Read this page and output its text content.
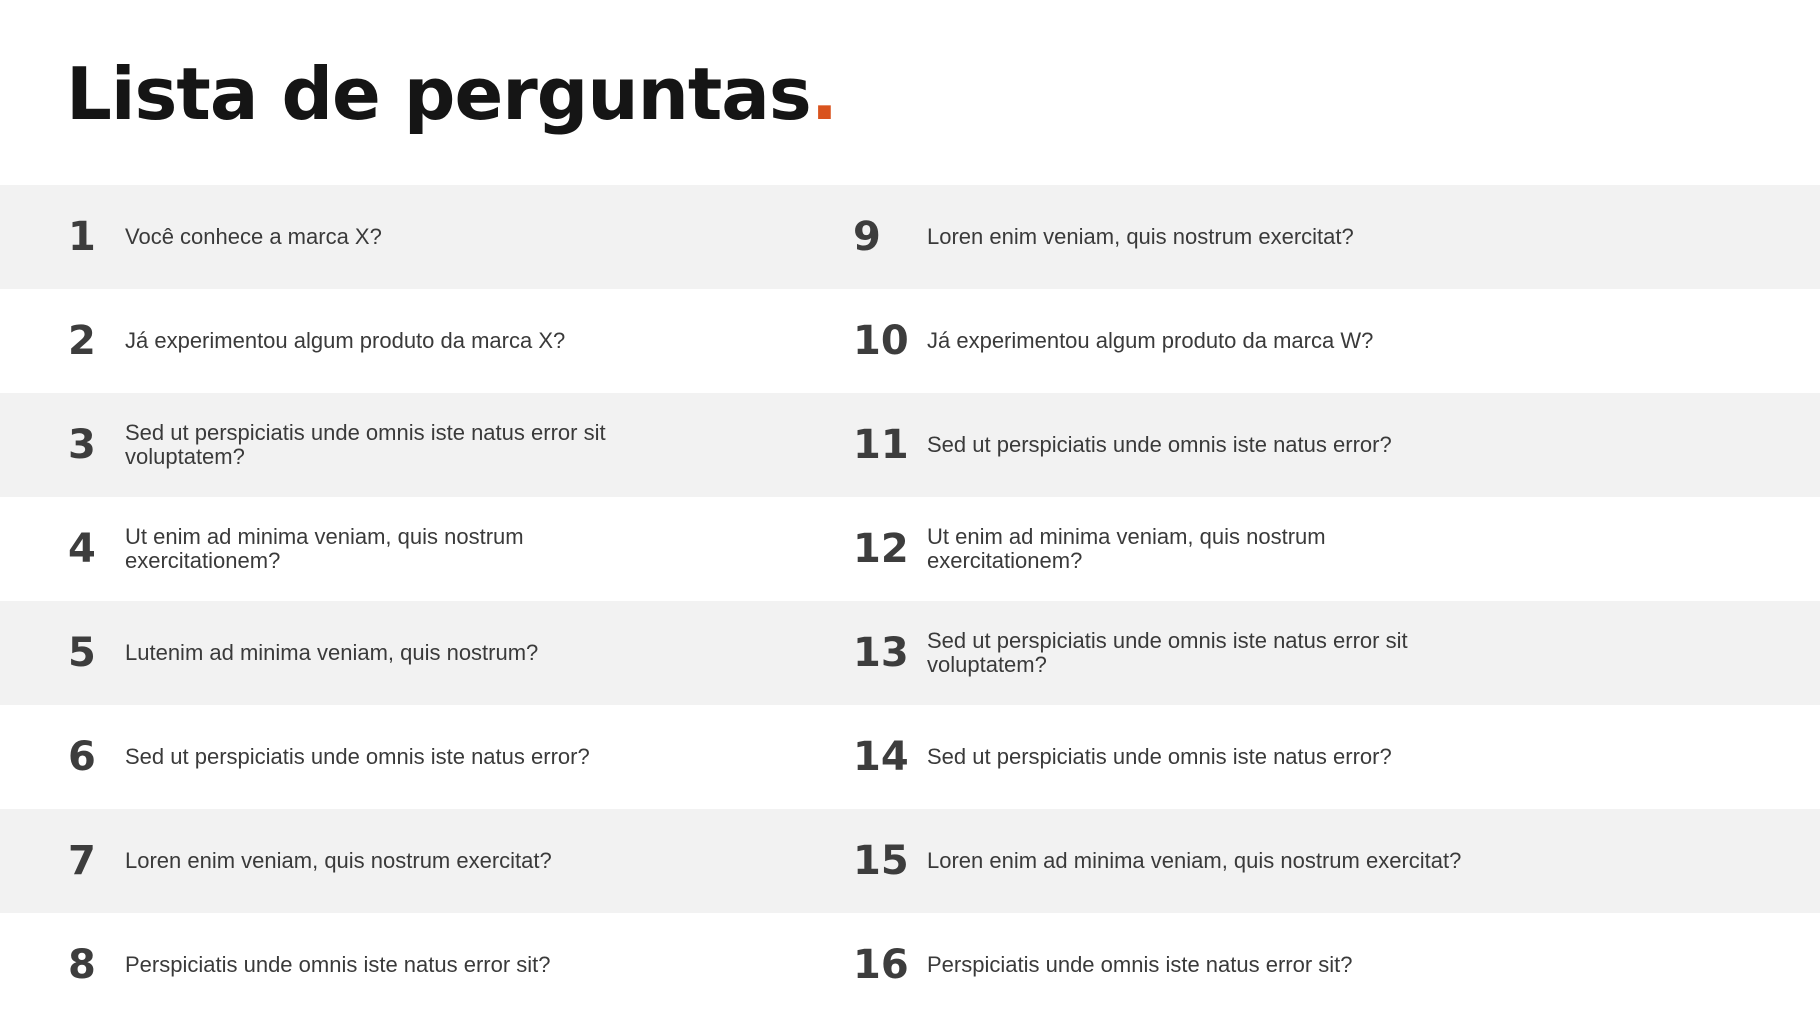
Lista de perguntas.
1	Você conhece a marca X?	9	Loren enim veniam, quis nostrum exercitat?
2	Já experimentou algum produto da marca X?	10 Já experimentou algum produto da marca W?
3	Sed ut perspiciatis unde omnis iste natus error sit voluptatem?	11 Sed ut perspiciatis unde omnis iste natus error?
4	Ut enim ad minima veniam, quis nostrum exercitationem?	12 Ut enim ad minima veniam, quis nostrum exercitationem?
5	Lutenim ad minima veniam, quis nostrum?	13 Sed ut perspiciatis unde omnis iste natus error sit voluptatem?
6	Sed ut perspiciatis unde omnis iste natus error?	14 Sed ut perspiciatis unde omnis iste natus error?
7	Loren enim veniam, quis nostrum exercitat?	15 Loren enim ad minima veniam, quis nostrum exercitat?
8	Perspiciatis unde omnis iste natus error sit?	16 Perspiciatis unde omnis iste natus error sit?
